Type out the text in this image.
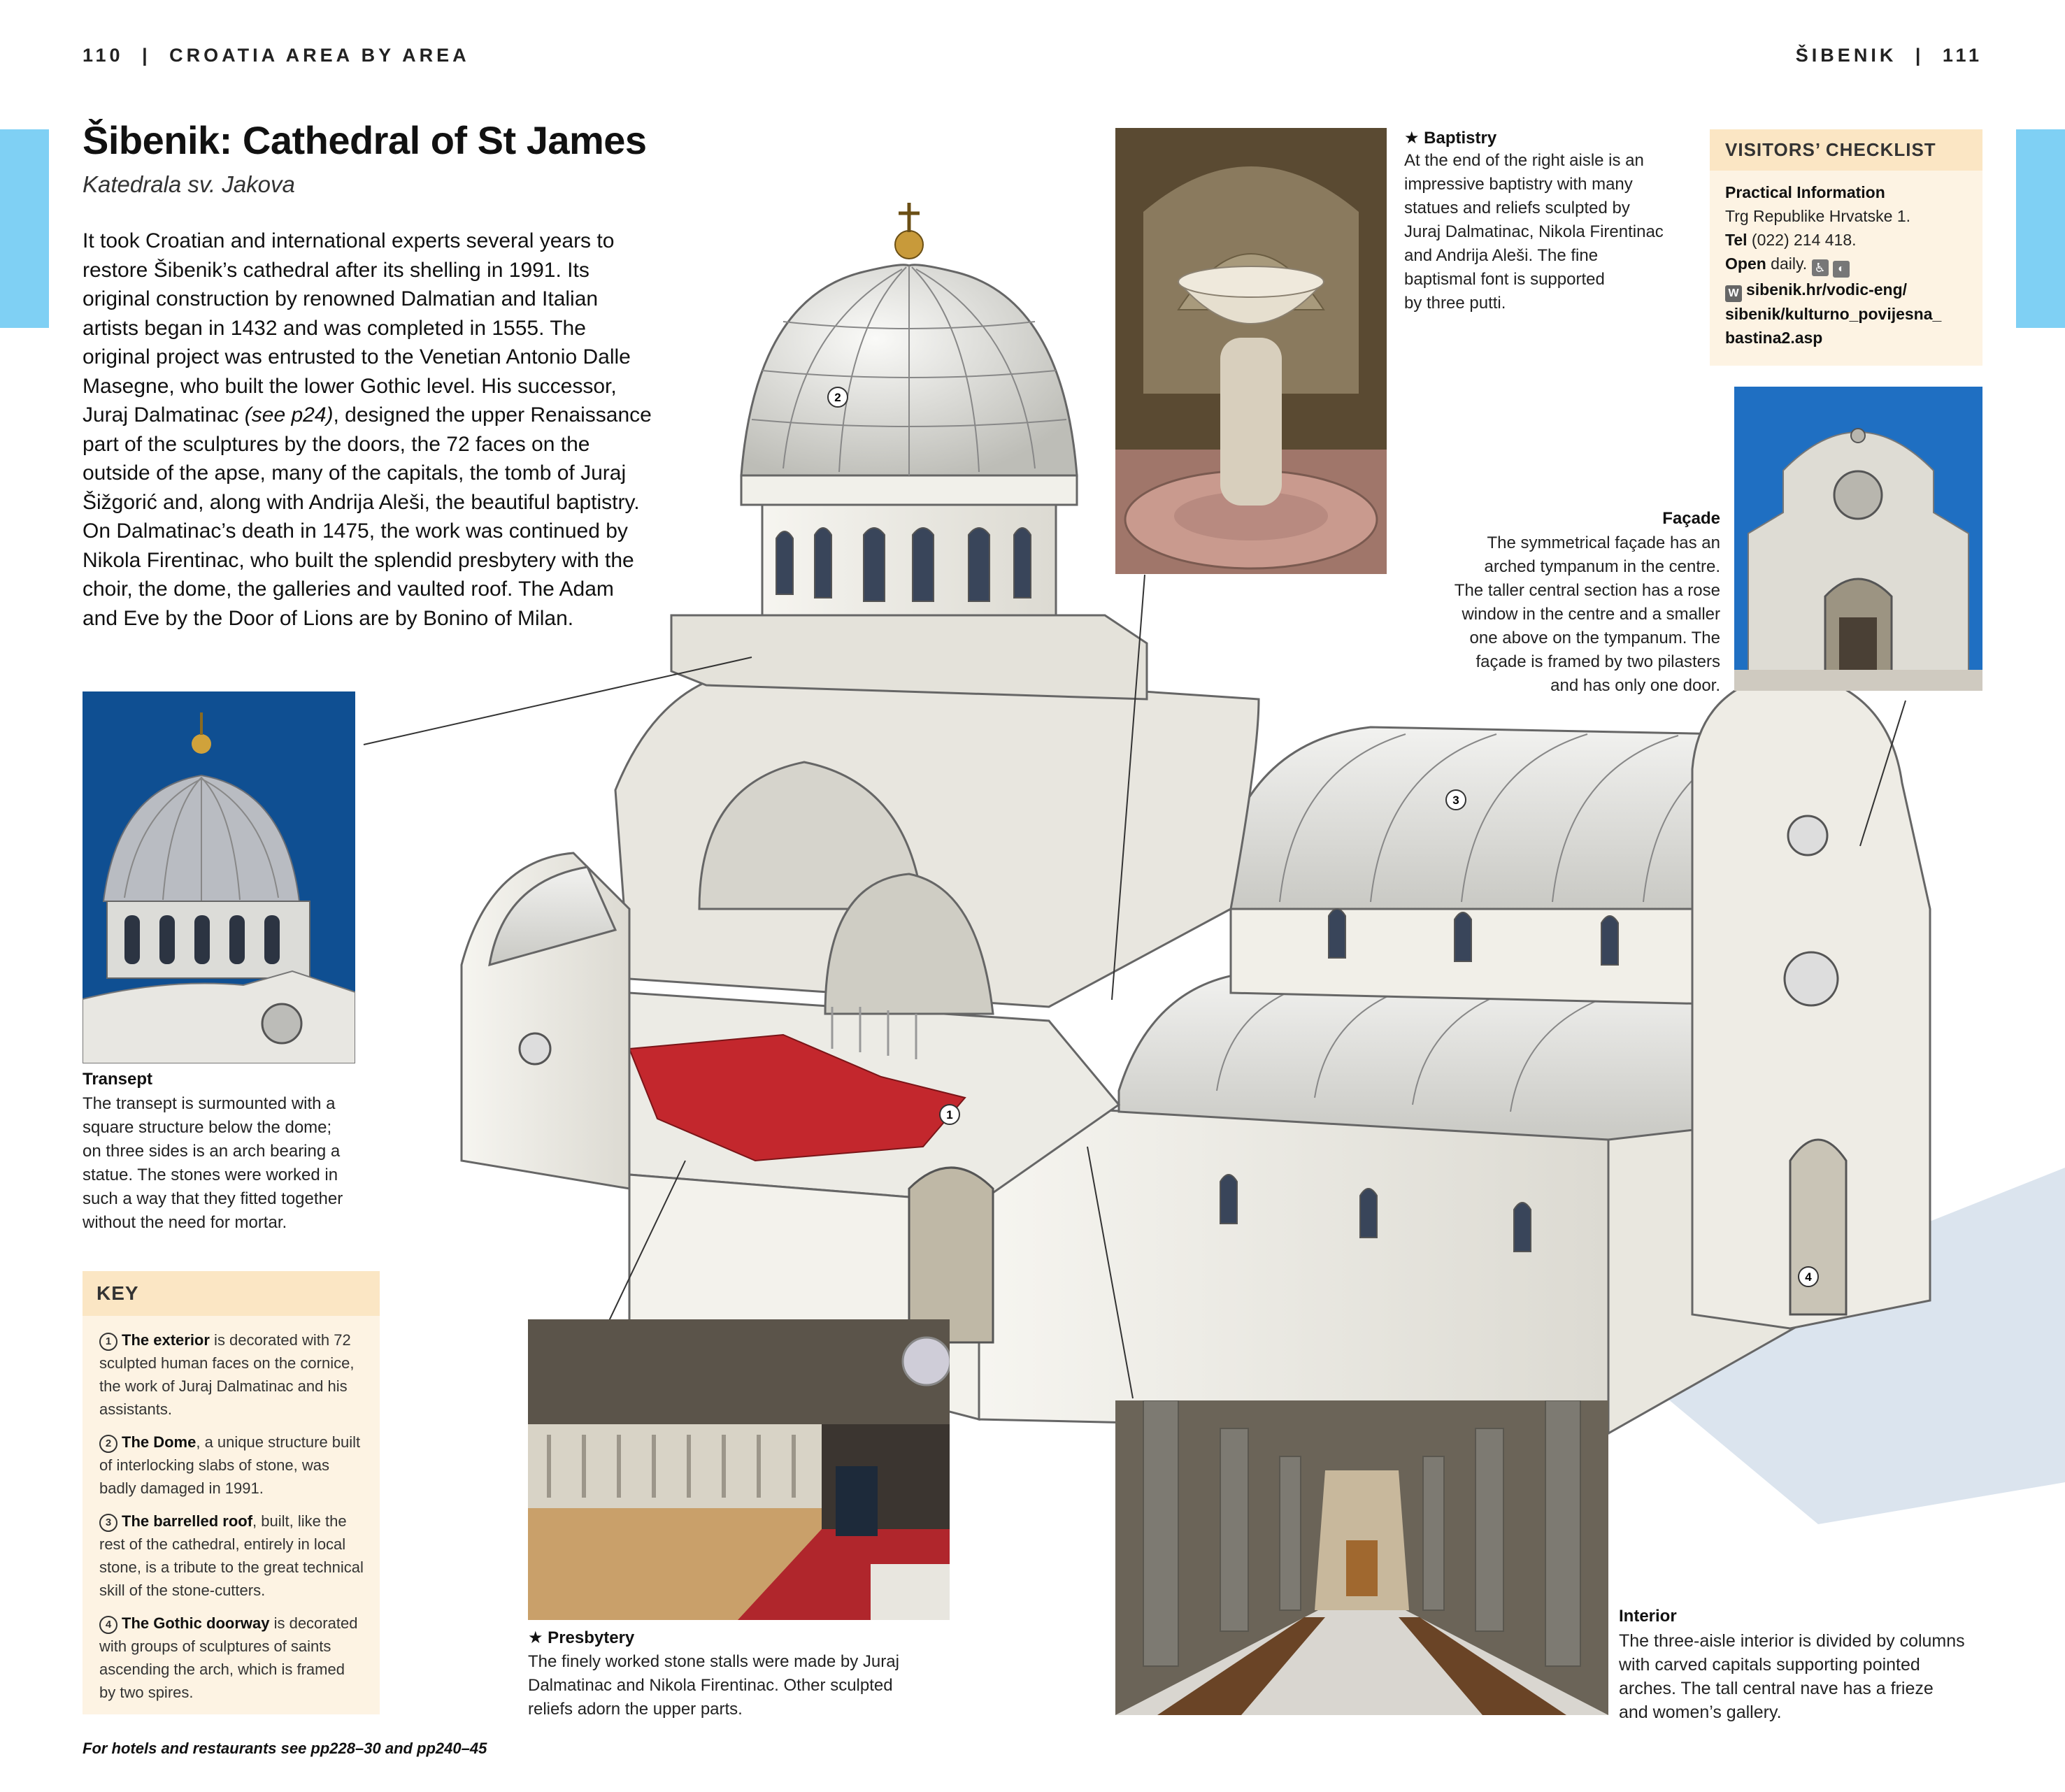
110 | CROATIA AREA BY AREA	ŠIBENIK | 111
Šibenik: Cathedral of St James
Katedrala sv. Jakova
It took Croatian and international experts several years to
restore Šibenik’s cathedral after its shelling in 1991. Its
original construction by renowned Dalmatian and Italian
artists began in 1432 and was completed in 1555. The
original project was entrusted to the Venetian Antonio Dalle
Masegne, who built the lower Gothic level. His successor,
Juraj Dalmatinac (see p24), designed the upper Renaissance
part of the sculptures by the doors, the 72 faces on the
outside of the apse, many of the capitals, the tomb of Juraj
Šižgorić and, along with Andrija Aleši, the beautiful baptistry.
On Dalmatinac’s death in 1475, the work was continued by
Nikola Firentinac, who built the splendid presbytery with the
choir, the dome, the galleries and vaulted roof. The Adam
and Eve by the Door of Lions are by Bonino of Milan.
1
2
3
4
Transept
The transept is surmounted with a
square structure below the dome;
on three sides is an arch bearing a
statue. The stones were worked in
such a way that they fitted together
without the need for mortar.
KEY
1 The exterior is decorated with 72 sculpted human faces on the cornice, the work of Juraj Dalmatinac and his assistants.
2 The Dome, a unique structure built of interlocking slabs of stone, was badly damaged in 1991.
3 The barrelled roof, built, like the rest of the cathedral, entirely in local stone, is a tribute to the great technical skill of the stone-cutters.
4 The Gothic doorway is decorated with groups of sculptures of saints ascending the arch, which is framed by two spires.
★ Baptistry
At the end of the right aisle is an
impressive baptistry with many
statues and reliefs sculpted by
Juraj Dalmatinac, Nikola Firentinac
and Andrija Aleši. The fine
baptismal font is supported
by three putti.
VISITORS’ CHECKLIST
Practical Information
Trg Republike Hrvatske 1.
Tel (022) 214 418.
Open daily. ♿ ◐
W sibenik.hr/vodic-eng/
sibenik/kulturno_povijesna_
bastina2.asp
Façade
The symmetrical façade has an
arched tympanum in the centre.
The taller central section has a rose
window in the centre and a smaller
one above on the tympanum. The
façade is framed by two pilasters
and has only one door.
★ Presbytery
The finely worked stone stalls were made by Juraj
Dalmatinac and Nikola Firentinac. Other sculpted
reliefs adorn the upper parts.
Interior
The three-aisle interior is divided by columns
with carved capitals supporting pointed
arches. The tall central nave has a frieze
and women’s gallery.
For hotels and restaurants see pp228–30 and pp240–45
